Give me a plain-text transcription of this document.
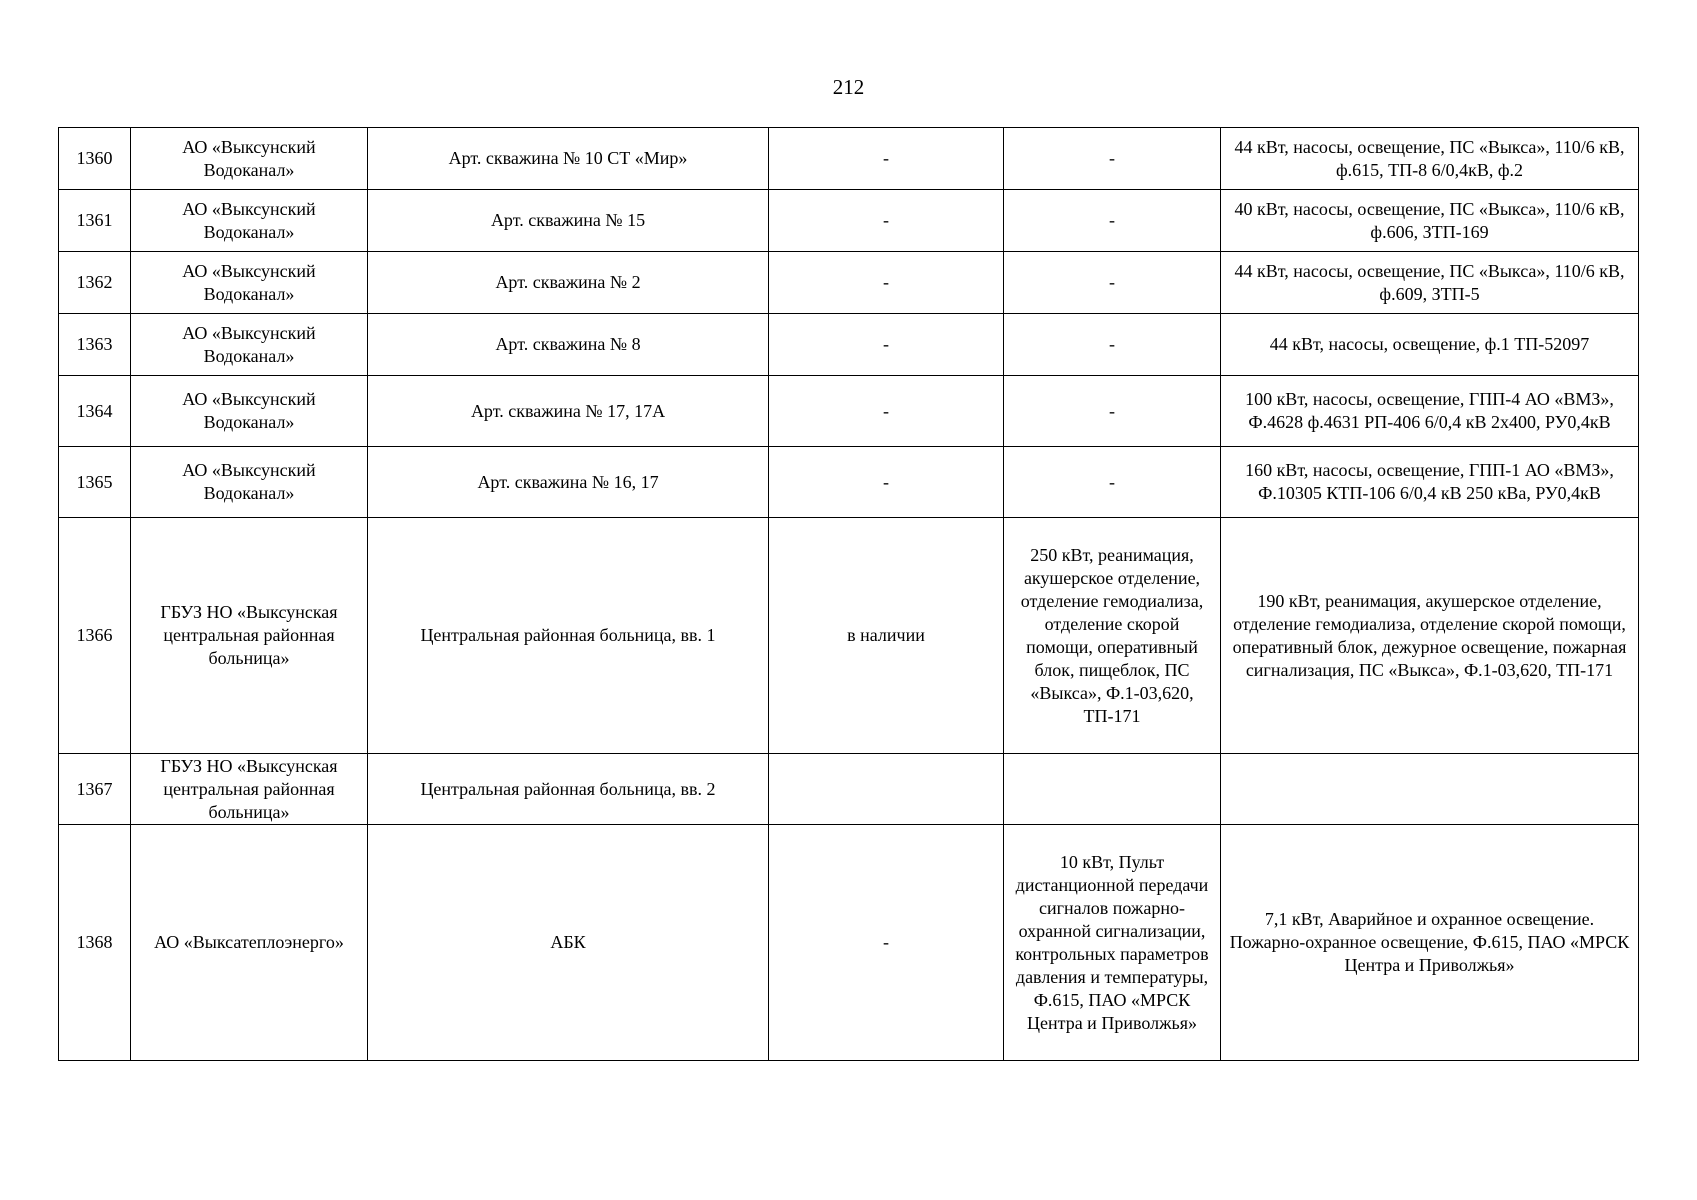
212
1360	АО «Выксунский Водоканал»	Арт. скважина № 10 СТ «Мир»	-	-	44 кВт, насосы, освещение, ПС «Выкса», 110/6 кВ, ф.615, ТП-8 6/0,4кВ, ф.2
1361	АО «Выксунский Водоканал»	Арт. скважина № 15	-	-	40 кВт, насосы, освещение, ПС «Выкса», 110/6 кВ, ф.606, ЗТП-169
1362	АО «Выксунский Водоканал»	Арт. скважина № 2	-	-	44 кВт, насосы, освещение, ПС «Выкса», 110/6 кВ, ф.609, ЗТП-5
1363	АО «Выксунский Водоканал»	Арт. скважина № 8	-	-	44 кВт, насосы, освещение, ф.1 ТП-52097
1364	АО «Выксунский Водоканал»	Арт. скважина № 17, 17А	-	-	100 кВт, насосы, освещение, ГПП-4 АО «ВМЗ», Ф.4628 ф.4631 РП-406 6/0,4 кВ 2х400, РУ0,4кВ
1365	АО «Выксунский Водоканал»	Арт. скважина № 16, 17	-	-	160 кВт, насосы, освещение, ГПП-1 АО «ВМЗ», Ф.10305 КТП-106 6/0,4 кВ 250 кВа, РУ0,4кВ
1366	ГБУЗ НО «Выксунская центральная районная больница»	Центральная районная больница, вв. 1	в наличии	250 кВт, реанимация, акушерское отделение, отделение гемодиализа, отделение скорой помощи, оперативный блок, пищеблок, ПС «Выкса», Ф.1-03,620, ТП-171	190 кВт, реанимация, акушерское отделение, отделение гемодиализа, отделение скорой помощи, оперативный блок, дежурное освещение, пожарная сигнализация, ПС «Выкса», Ф.1-03,620, ТП-171
1367	ГБУЗ НО «Выксунская центральная районная больница»	Центральная районная больница, вв. 2			
1368	АО «Выксатеплоэнерго»	АБК	-	10 кВт, Пульт дистанционной передачи сигналов пожарно-охранной сигнализации, контрольных параметров давления и температуры, Ф.615, ПАО «МРСК Центра и Приволжья»	7,1 кВт, Аварийное и охранное освещение. Пожарно-охранное освещение, Ф.615, ПАО «МРСК Центра и Приволжья»
